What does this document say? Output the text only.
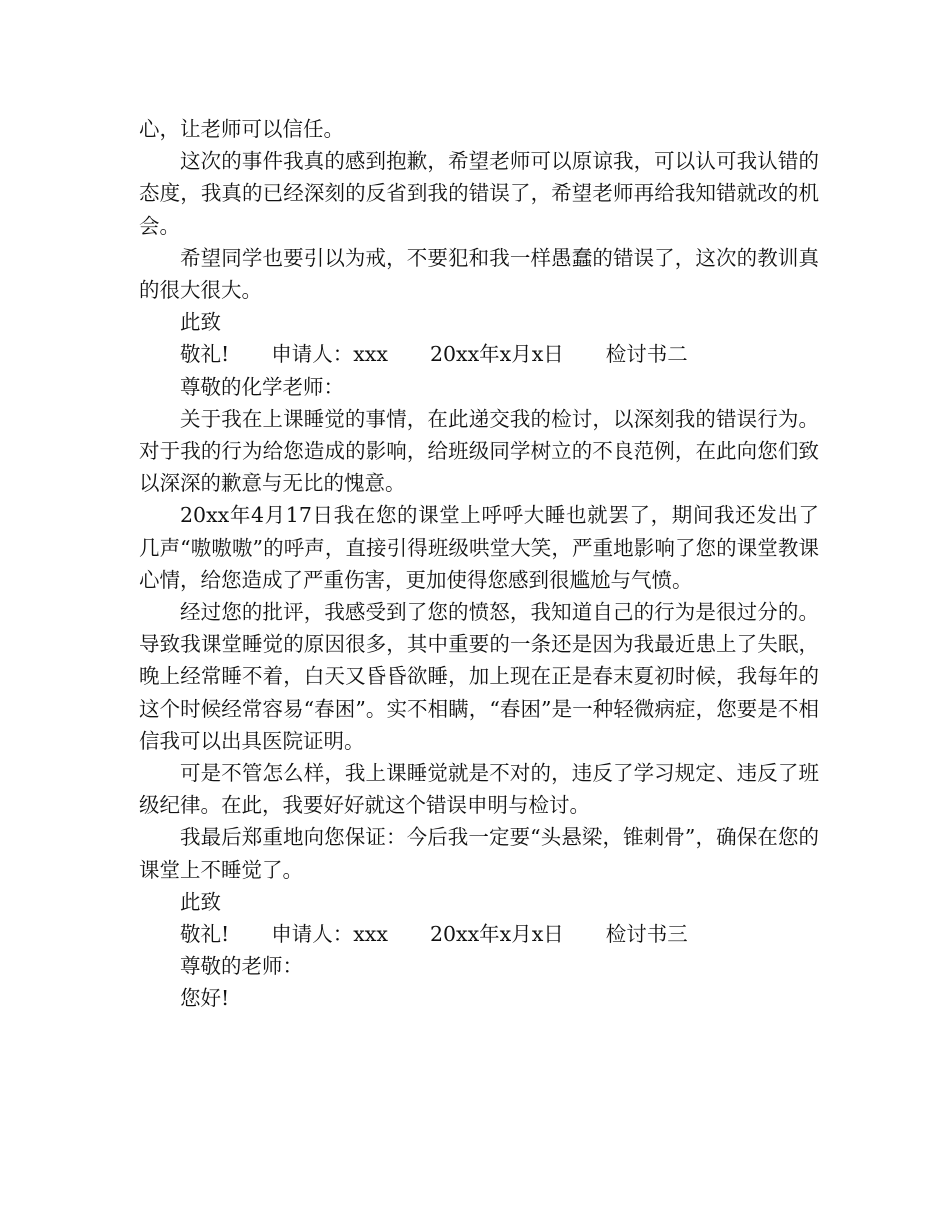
心，让老师可以信任。

这次的事件我真的感到抱歉，希望老师可以原谅我，可以认可我认错的态度，我真的已经深刻的反省到我的错误了，希望老师再给我知错就改的机会。

希望同学也要引以为戒，不要犯和我一样愚蠢的错误了，这次的教训真的很大很大。

此致

敬礼! 申请人：xxx 20xx年x月x日 检讨书二

尊敬的化学老师：

关于我在上课睡觉的事情，在此递交我的检讨，以深刻我的错误行为。对于我的行为给您造成的影响，给班级同学树立的不良范例，在此向您们致以深深的歉意与无比的愧意。

20xx年4月17日我在您的课堂上呼呼大睡也就罢了，期间我还发出了几声“嗷嗷嗷”的呼声，直接引得班级哄堂大笑，严重地影响了您的课堂教课心情，给您造成了严重伤害，更加使得您感到很尴尬与气愤。

经过您的批评，我感受到了您的愤怒，我知道自己的行为是很过分的。导致我课堂睡觉的原因很多，其中重要的一条还是因为我最近患上了失眠，晚上经常睡不着，白天又昏昏欲睡，加上现在正是春末夏初时候，我每年的这个时候经常容易“春困”。实不相瞒，“春困”是一种轻微病症，您要是不相信我可以出具医院证明。

可是不管怎么样，我上课睡觉就是不对的，违反了学习规定、违反了班级纪律。在此，我要好好就这个错误申明与检讨。

我最后郑重地向您保证：今后我一定要“头悬梁，锥刺骨”，确保在您的课堂上不睡觉了。

此致

敬礼! 申请人：xxx 20xx年x月x日 检讨书三

尊敬的老师：

您好!
